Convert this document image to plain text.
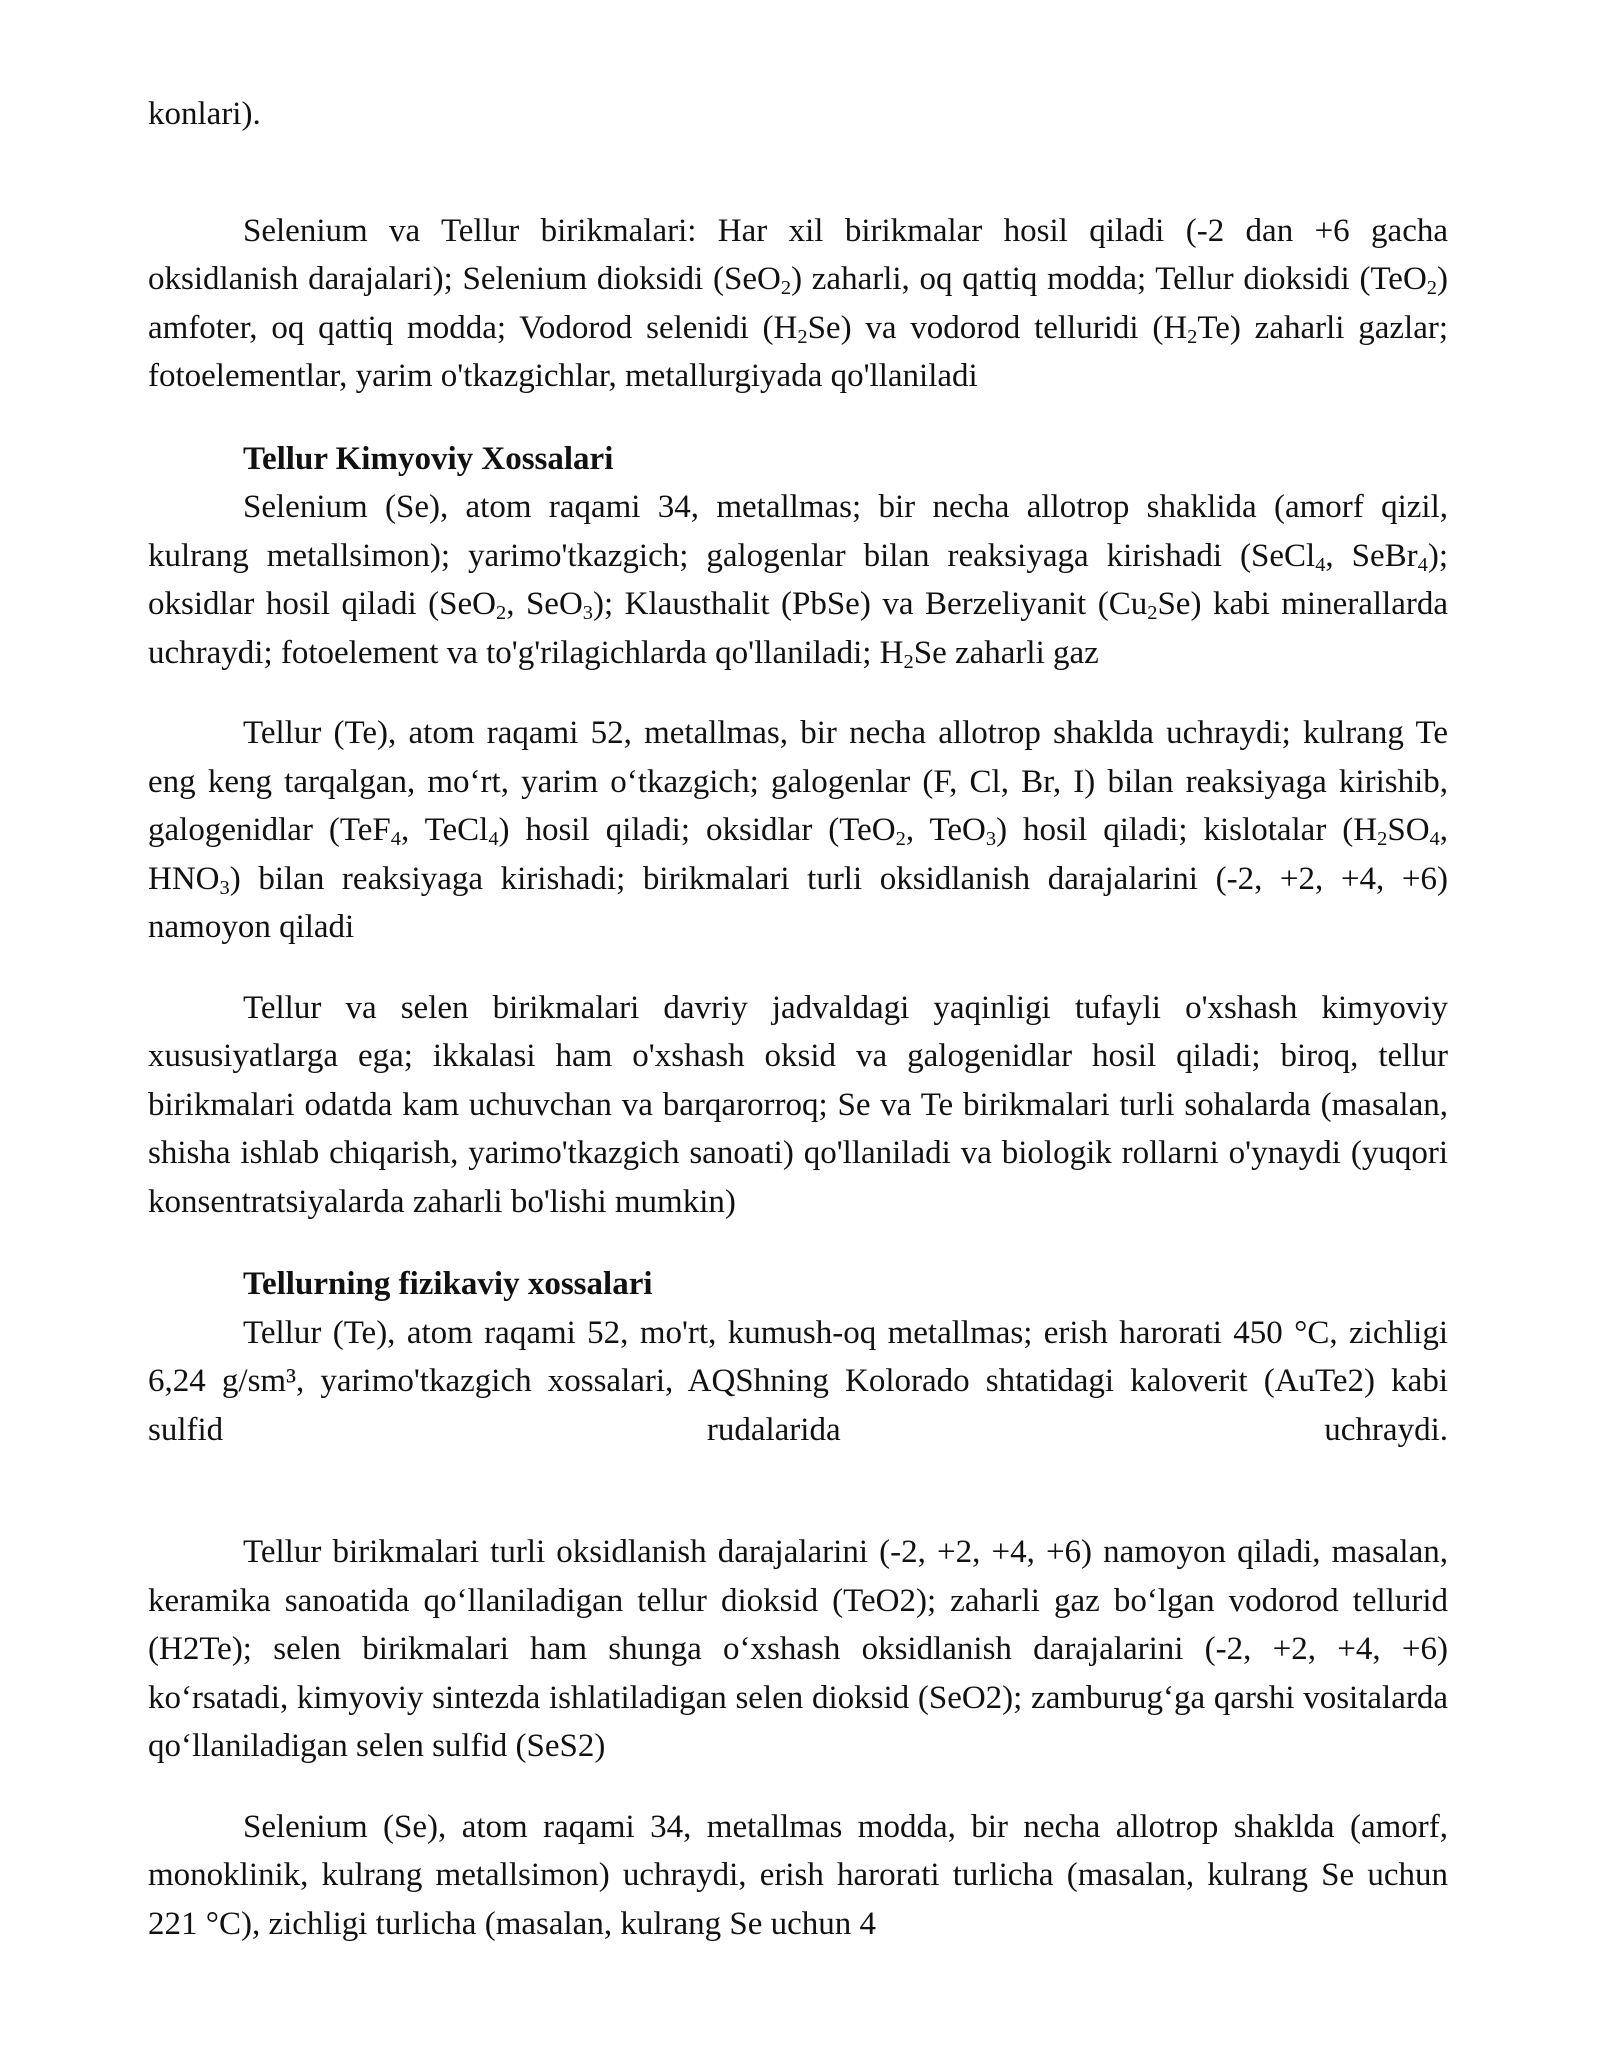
konlari).

Selenium va Tellur birikmalari: Har xil birikmalar hosil qiladi (-2 dan +6 gacha oksidlanish darajalari); Selenium dioksidi (SeO$_2$) zaharli, oq qattiq modda; Tellur dioksidi (TeO$_2$) amfoter, oq qattiq modda; Vodorod selenidi $(H_2Se)$ va vodorod telluridi $(H_2Te)$ zaharli gazlar; fotoelementlar, yarim o'tkazgichlar, metallurgiyada qo'llaniladi

Tellur Kimyoviy Xossalari

Selenium (Se), atom raqami 34, metallmas; bir necha allotrop shaklida (amorf qizil, kulrang metallsimon); yarimo'tkazgich; galogenlar bilan reaksiyaga kirishadi (SeCl$_4$, SeBr$_4$); oksidlar hosil qiladi (SeO$_2$, SeO$_3$); Klausthalit (PbSe) va Berzeliyanit $(Cu_2Se)$ kabi minerallarda uchraydi; fotoelement va to'g'rilagichlarda qo'llaniladi; $H_2Se$ zaharli gaz

Tellur (Te), atom raqami 52, metallmas, bir necha allotrop shaklda uchraydi; kulrang Te eng keng tarqalgan, mo‘rt, yarim o‘tkazgich; galogenlar (F, Cl, Br, I) bilan reaksiyaga kirishib, galogenidlar (TeF$_4$, TeCl$_4$) hosil qiladi; oksidlar (TeO$_2$, TeO$_3$) hosil qiladi; kislotalar ($H_2SO_4$, $HNO_3$) bilan reaksiyaga kirishadi; birikmalari turli oksidlanish darajalarini (-2, +2, +4, +6) namoyon qiladi

Tellur va selen birikmalari davriy jadvaldagi yaqinligi tufayli o'xshash kimyoviy xususiyatlarga ega; ikkalasi ham o'xshash oksid va galogenidlar hosil qiladi; biroq, tellur birikmalari odatda kam uchuvchan va barqarorroq; Se va Te birikmalari turli sohalarda (masalan, shisha ishlab chiqarish, yarimo'tkazgich sanoati) qo'llaniladi va biologik rollarni o'ynaydi (yuqori konsentratsiyalarda zaharli bo'lishi mumkin)

Tellurning fizikaviy xossalari

Tellur (Te), atom raqami 52, mo'rt, kumush-oq metallmas; erish harorati 450 °C, zichligi 6,24 g/sm³, yarimo'tkazgich xossalari, AQShning Kolorado shtatidagi kaloverit (AuTe2) kabi sulfid rudalarida uchraydi.

Tellur birikmalari turli oksidlanish darajalarini (-2, +2, +4, +6) namoyon qiladi, masalan, keramika sanoatida qo‘llaniladigan tellur dioksid (TeO2); zaharli gaz bo‘lgan vodorod tellurid (H2Te); selen birikmalari ham shunga o‘xshash oksidlanish darajalarini (-2, +2, +4, +6) ko‘rsatadi, kimyoviy sintezda ishlatiladigan selen dioksid (SeO2); zamburug‘ga qarshi vositalarda qo‘llaniladigan selen sulfid (SeS2)

Selenium (Se), atom raqami 34, metallmas modda, bir necha allotrop shaklda (amorf, monoklinik, kulrang metallsimon) uchraydi, erish harorati turlicha (masalan, kulrang Se uchun 221 °C), zichligi turlicha (masalan, kulrang Se uchun 4
